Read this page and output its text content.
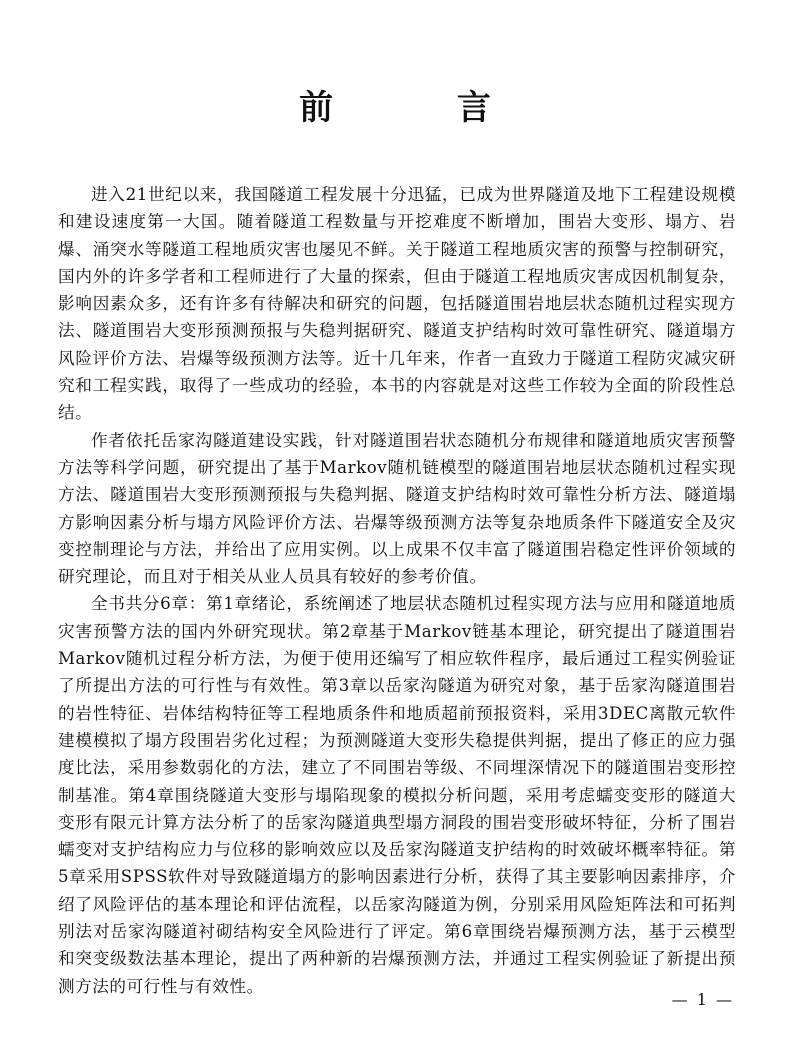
前 言

进入21世纪以来，我国隧道工程发展十分迅猛，已成为世界隧道及地下工程建设规模和建设速度第一大国。随着隧道工程数量与开挖难度不断增加，围岩大变形、塌方、岩爆、涌突水等隧道工程地质灾害也屡见不鲜。关于隧道工程地质灾害的预警与控制研究，国内外的许多学者和工程师进行了大量的探索，但由于隧道工程地质灾害成因机制复杂，影响因素众多，还有许多有待解决和研究的问题，包括隧道围岩地层状态随机过程实现方法、隧道围岩大变形预测预报与失稳判据研究、隧道支护结构时效可靠性研究、隧道塌方风险评价方法、岩爆等级预测方法等。近十几年来，作者一直致力于隧道工程防灾减灾研究和工程实践，取得了一些成功的经验，本书的内容就是对这些工作较为全面的阶段性总结。

作者依托岳家沟隧道建设实践，针对隧道围岩状态随机分布规律和隧道地质灾害预警方法等科学问题，研究提出了基于Markov随机链模型的隧道围岩地层状态随机过程实现方法、隧道围岩大变形预测预报与失稳判据、隧道支护结构时效可靠性分析方法、隧道塌方影响因素分析与塌方风险评价方法、岩爆等级预测方法等复杂地质条件下隧道安全及灾变控制理论与方法，并给出了应用实例。以上成果不仅丰富了隧道围岩稳定性评价领域的研究理论，而且对于相关从业人员具有较好的参考价值。

全书共分6章：第1章绪论，系统阐述了地层状态随机过程实现方法与应用和隧道地质灾害预警方法的国内外研究现状。第2章基于Markov链基本理论，研究提出了隧道围岩Markov随机过程分析方法，为便于使用还编写了相应软件程序，最后通过工程实例验证了所提出方法的可行性与有效性。第3章以岳家沟隧道为研究对象，基于岳家沟隧道围岩的岩性特征、岩体结构特征等工程地质条件和地质超前预报资料，采用3DEC离散元软件建模模拟了塌方段围岩劣化过程；为预测隧道大变形失稳提供判据，提出了修正的应力强度比法，采用参数弱化的方法，建立了不同围岩等级、不同埋深情况下的隧道围岩变形控制基准。第4章围绕隧道大变形与塌陷现象的模拟分析问题，采用考虑蠕变变形的隧道大变形有限元计算方法分析了的岳家沟隧道典型塌方洞段的围岩变形破坏特征，分析了围岩蠕变对支护结构应力与位移的影响效应以及岳家沟隧道支护结构的时效破坏概率特征。第5章采用SPSS软件对导致隧道塌方的影响因素进行分析，获得了其主要影响因素排序，介绍了风险评估的基本理论和评估流程，以岳家沟隧道为例，分别采用风险矩阵法和可拓判别法对岳家沟隧道衬砌结构安全风险进行了评定。第6章围绕岩爆预测方法，基于云模型和突变级数法基本理论，提出了两种新的岩爆预测方法，并通过工程实例验证了新提出预测方法的可行性与有效性。

— 1 —
